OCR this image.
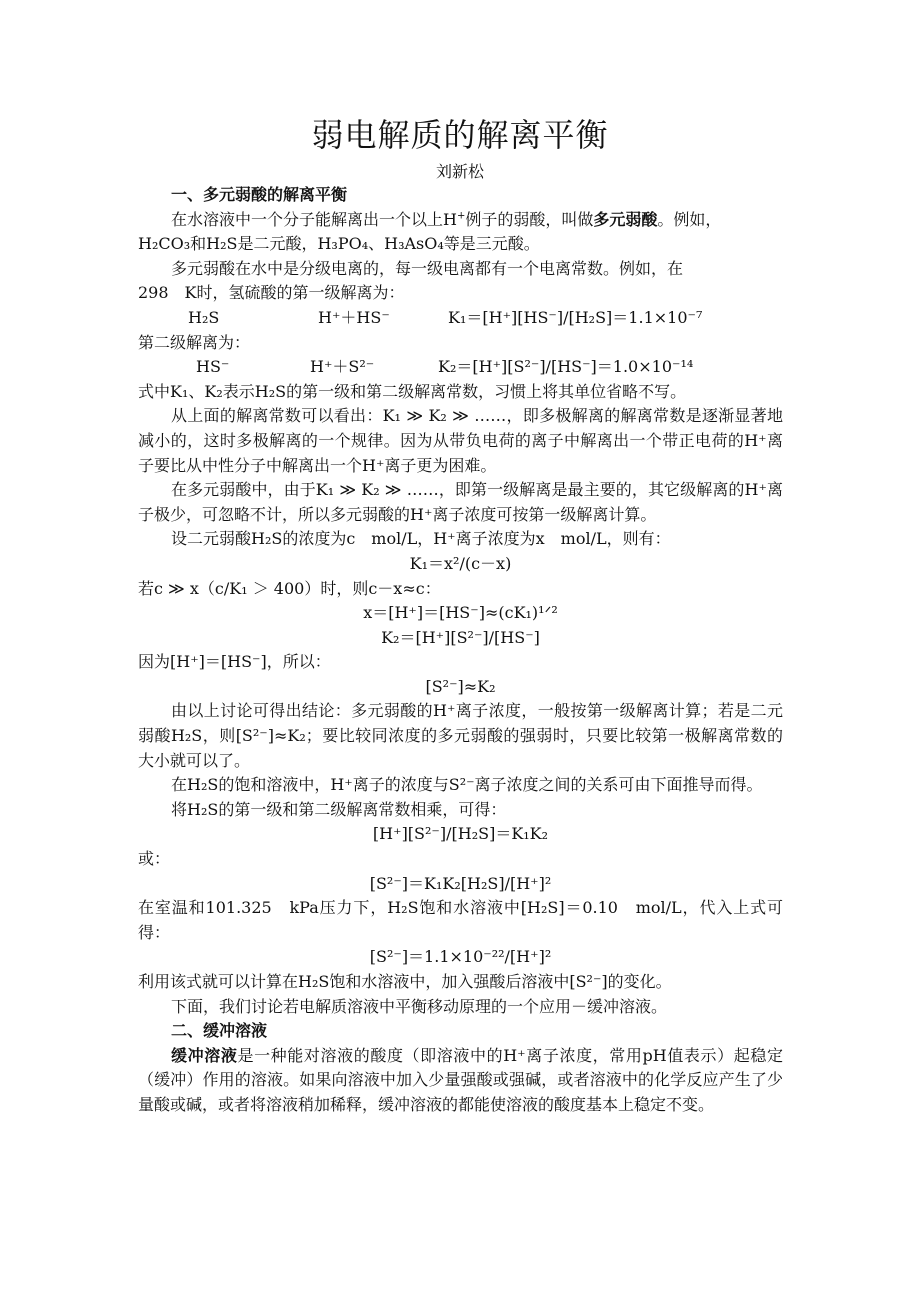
弱电解质的解离平衡
刘新松

一、多元弱酸的解离平衡

在水溶液中一个分子能解离出一个以上H+例子的弱酸，叫做多元弱酸。例如，
H₂CO₃和H₂S是二元酸，H₃PO₄、H₃AsO₄等是三元酸。

多元弱酸在水中是分级电离的，每一级电离都有一个电离常数。例如，在

298　K时，氢硫酸的第一级解离为：

H₂S	H⁺＋HS⁻	K₁＝[H⁺][HS⁻]/[H₂S]＝1.1×10⁻⁷

第二级解离为：

HS⁻	H⁺＋S²⁻	K₂＝[H⁺][S²⁻]/[HS⁻]＝1.0×10⁻¹⁴

式中K₁、K₂表示H₂S的第一级和第二级解离常数，习惯上将其单位省略不写。

从上面的解离常数可以看出：K₁ ≫ K₂ ≫ ……，即多极解离的解离常数是逐渐显著地减小的，这时多极解离的一个规律。因为从带负电荷的离子中解离出一个带正电荷的H⁺离子要比从中性分子中解离出一个H⁺离子更为困难。

在多元弱酸中，由于K₁ ≫ K₂ ≫ ……，即第一级解离是最主要的，其它级解离的H⁺离子极少，可忽略不计，所以多元弱酸的H⁺离子浓度可按第一级解离计算。

设二元弱酸H₂S的浓度为c　mol/L，H⁺离子浓度为x　mol/L，则有：

K₁＝x²/(c－x)

若c ≫ x（c/K₁ ＞ 400）时，则c－x≈c：

x＝[H⁺]＝[HS⁻]≈(cK₁)¹ᐟ²

K₂＝[H⁺][S²⁻]/[HS⁻]

因为[H⁺]＝[HS⁻]，所以：

[S²⁻]≈K₂

由以上讨论可得出结论：多元弱酸的H⁺离子浓度，一般按第一级解离计算；若是二元弱酸H₂S，则[S²⁻]≈K₂；要比较同浓度的多元弱酸的强弱时，只要比较第一极解离常数的大小就可以了。

在H₂S的饱和溶液中，H⁺离子的浓度与S²⁻离子浓度之间的关系可由下面推导而得。

将H₂S的第一级和第二级解离常数相乘，可得：

[H⁺][S²⁻]/[H₂S]＝K₁K₂

或：

[S²⁻]＝K₁K₂[H₂S]/[H⁺]²

在室温和101.325　kPa压力下，H₂S饱和水溶液中[H₂S]＝0.10　mol/L，代入上式可得：

[S²⁻]＝1.1×10⁻²²/[H⁺]²

利用该式就可以计算在H₂S饱和水溶液中，加入强酸后溶液中[S²⁻]的变化。

下面，我们讨论若电解质溶液中平衡移动原理的一个应用－缓冲溶液。

二、缓冲溶液

缓冲溶液是一种能对溶液的酸度（即溶液中的H⁺离子浓度，常用pH值表示）起稳定（缓冲）作用的溶液。如果向溶液中加入少量强酸或强碱，或者溶液中的化学反应产生了少量酸或碱，或者将溶液稍加稀释，缓冲溶液的都能使溶液的酸度基本上稳定不变。
